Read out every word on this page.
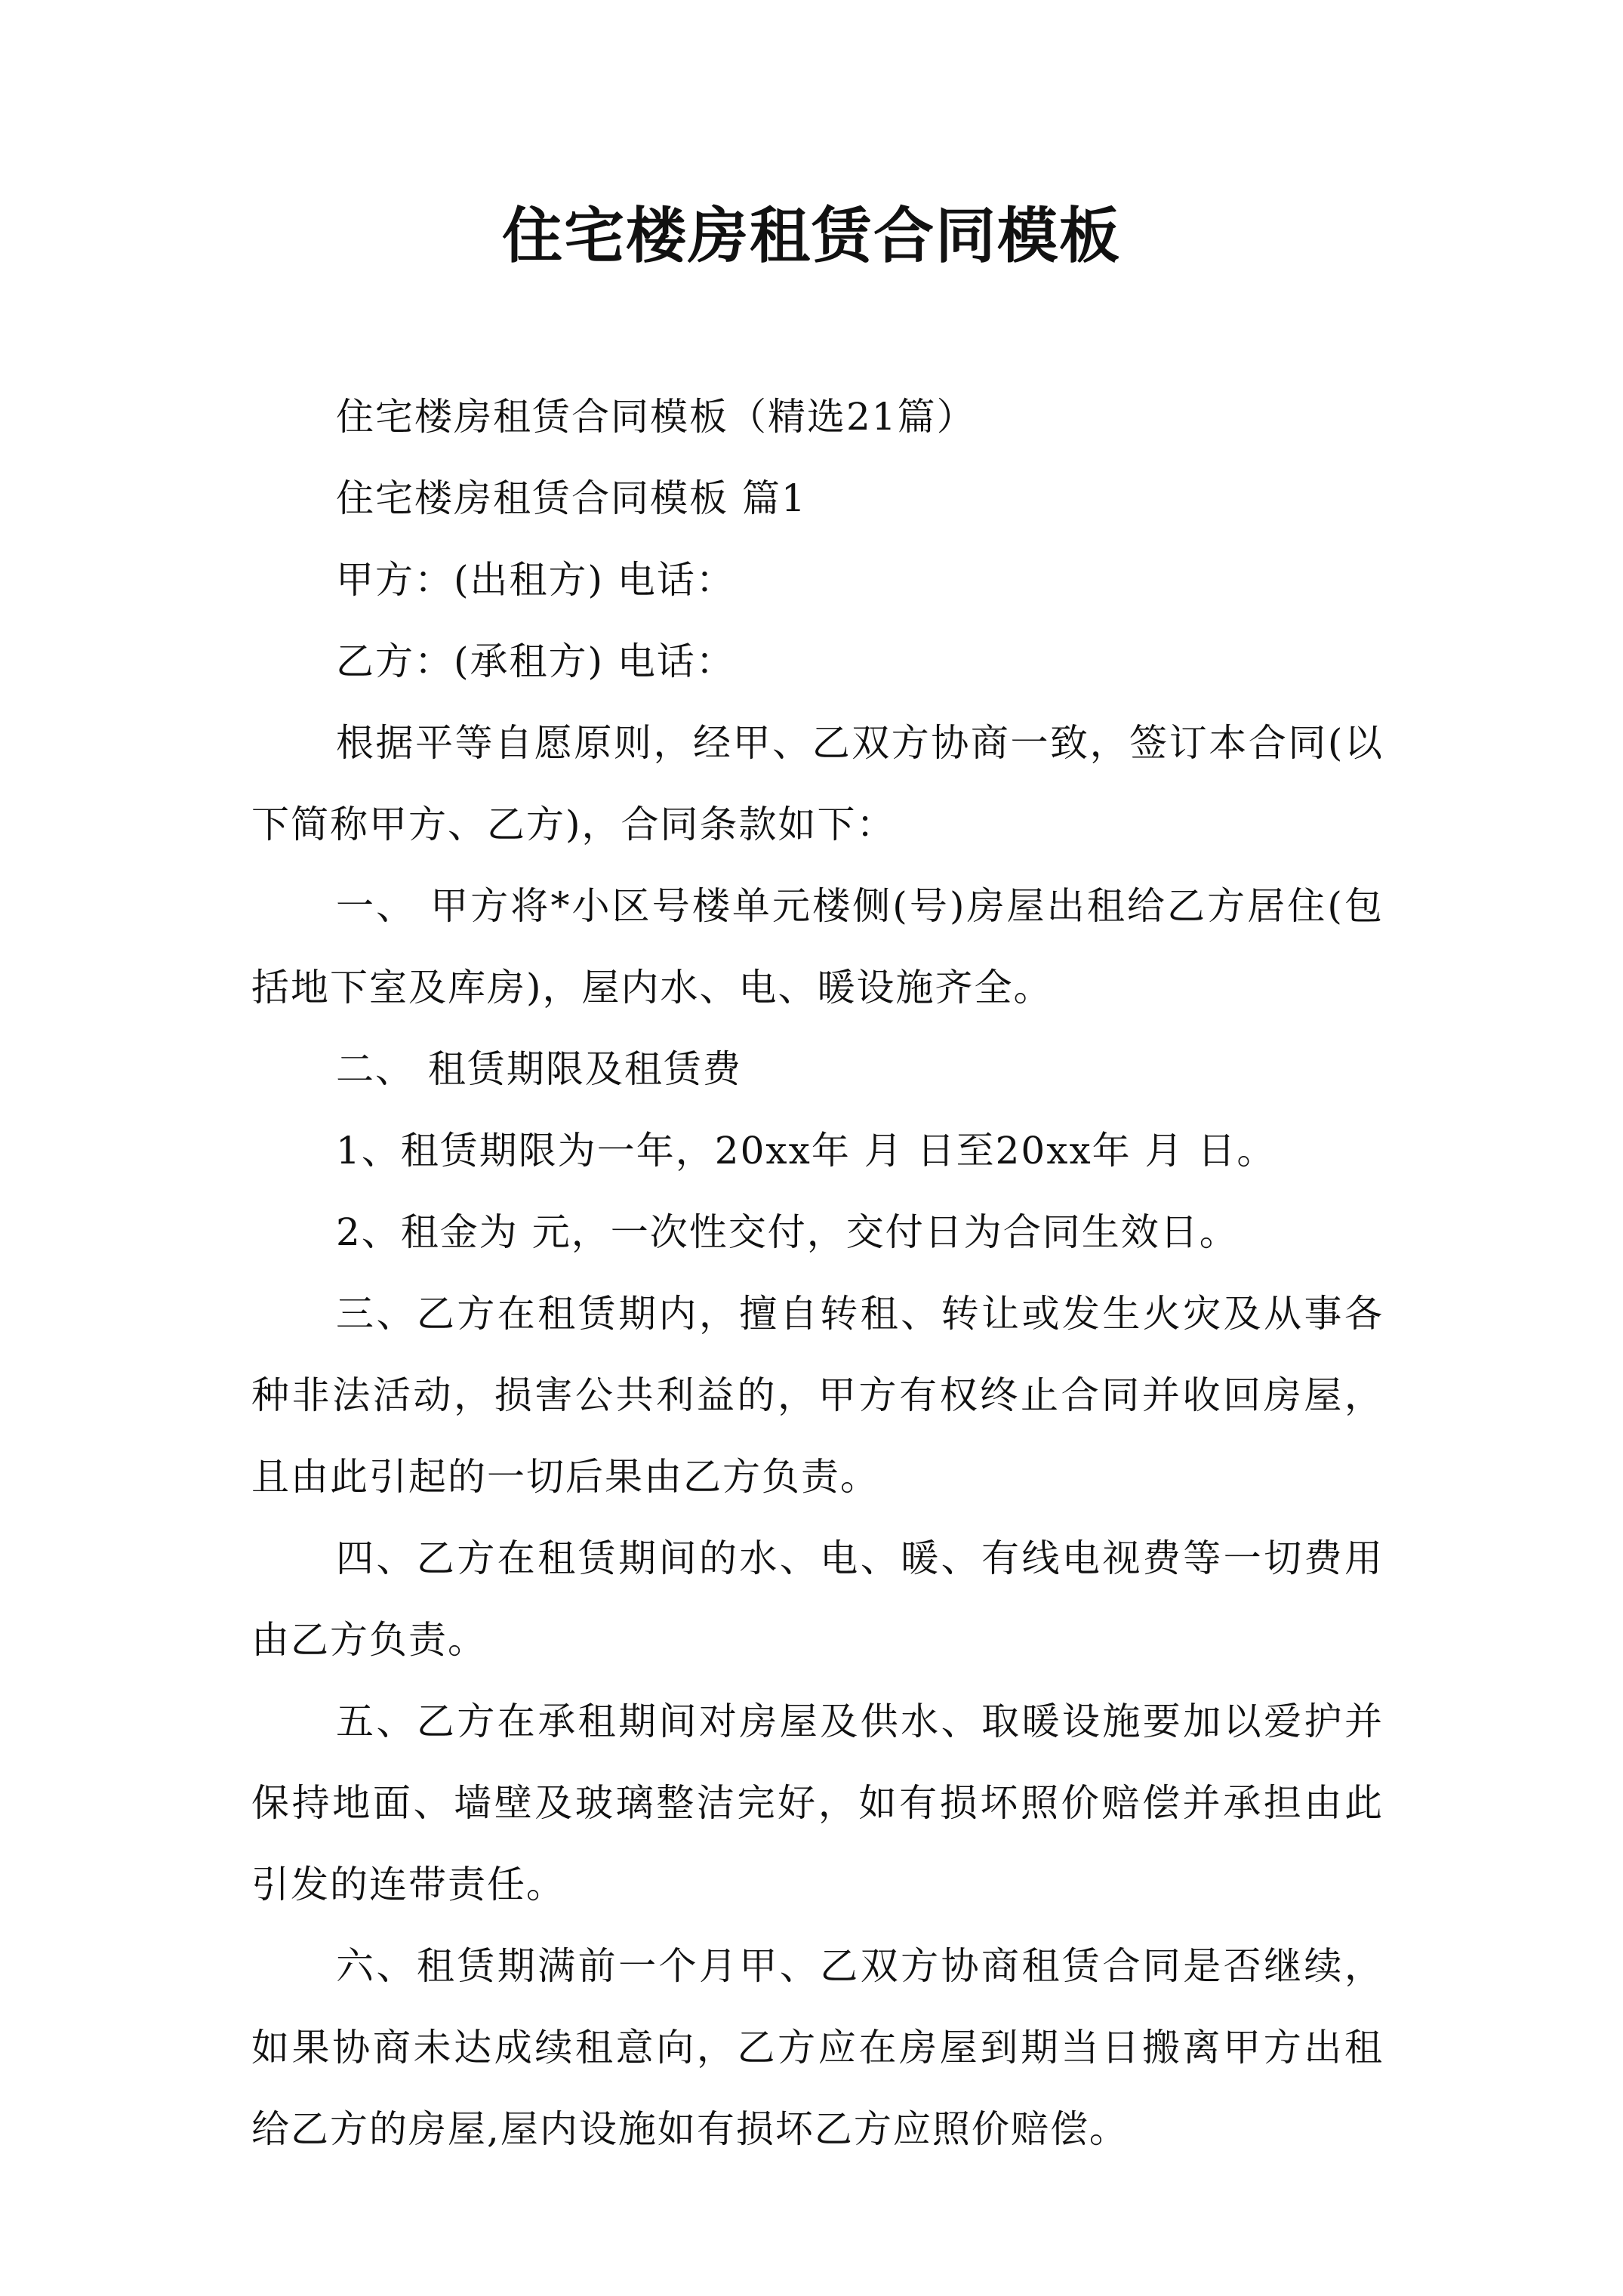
住宅楼房租赁合同模板

住宅楼房租赁合同模板（精选21篇）

住宅楼房租赁合同模板 篇1

甲方：(出租方) 电话：

乙方：(承租方) 电话：

根据平等自愿原则，经甲、乙双方协商一致，签订本合同(以下简称甲方、乙方)，合同条款如下：

一、 甲方将*小区号楼单元楼侧(号)房屋出租给乙方居住(包括地下室及库房)，屋内水、电、暖设施齐全。

二、 租赁期限及租赁费

1、租赁期限为一年，20xx年 月 日至20xx年 月 日。

2、租金为 元，一次性交付，交付日为合同生效日。

三、乙方在租赁期内，擅自转租、转让或发生火灾及从事各种非法活动，损害公共利益的，甲方有权终止合同并收回房屋，且由此引起的一切后果由乙方负责。

四、乙方在租赁期间的水、电、暖、有线电视费等一切费用由乙方负责。

五、乙方在承租期间对房屋及供水、取暖设施要加以爱护并保持地面、墙壁及玻璃整洁完好，如有损坏照价赔偿并承担由此引发的连带责任。

六、租赁期满前一个月甲、乙双方协商租赁合同是否继续，如果协商未达成续租意向，乙方应在房屋到期当日搬离甲方出租给乙方的房屋,屋内设施如有损坏乙方应照价赔偿。
